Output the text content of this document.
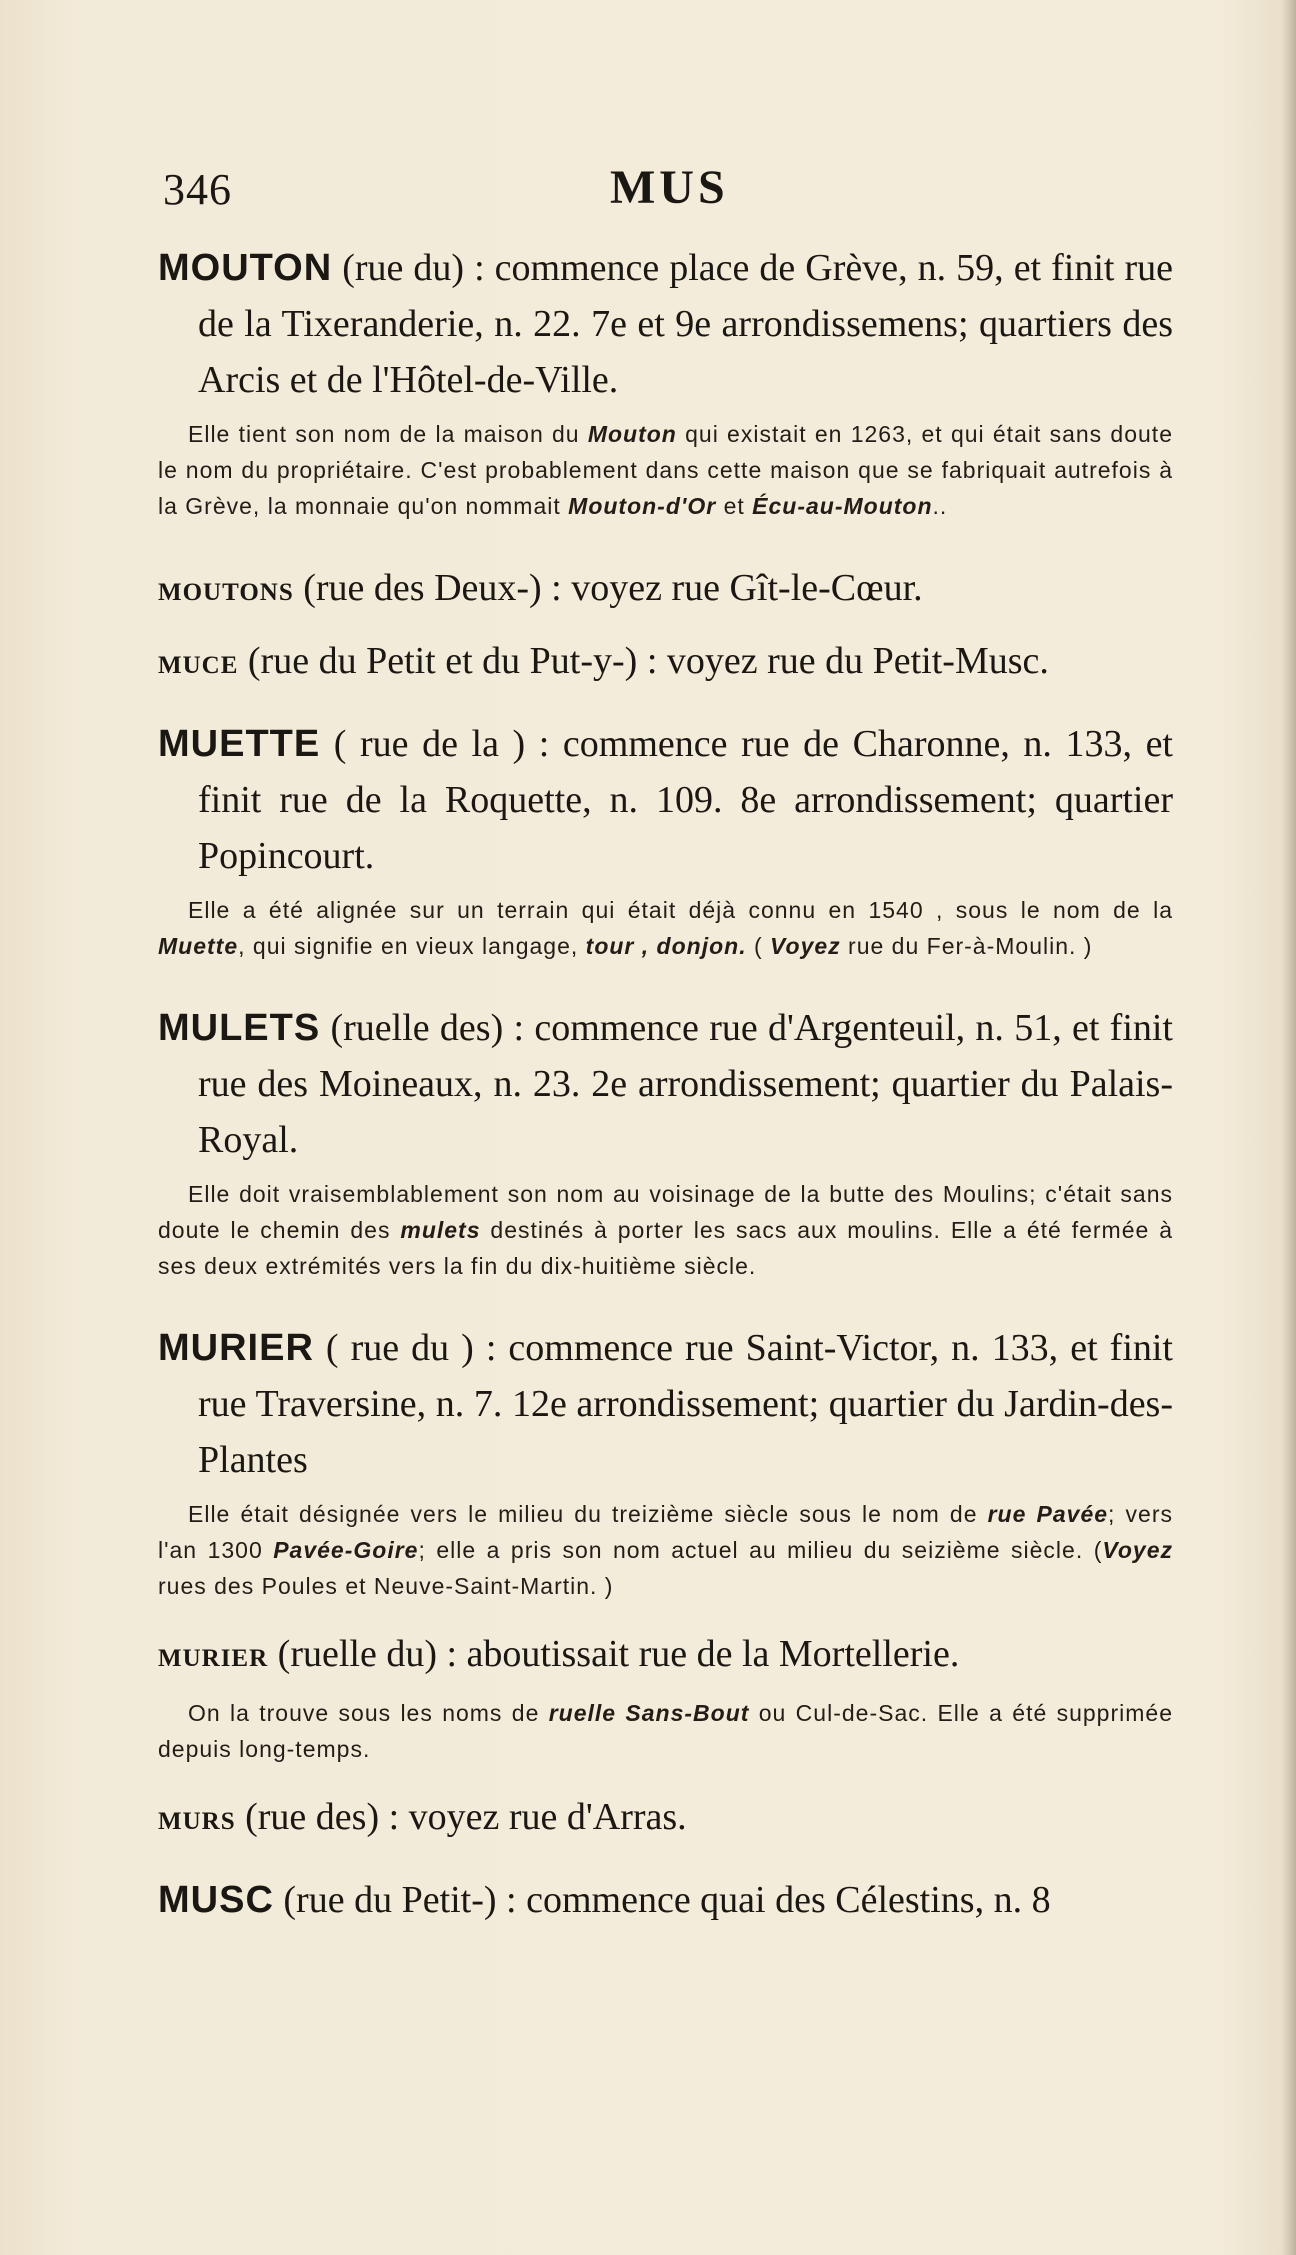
346	MUS

MOUTON (rue du) : commence place de Grève, n. 59, et finit rue de la Tixeranderie, n. 22. 7e et 9e arrondissemens; quartiers des Arcis et de l'Hôtel-de-Ville.

Elle tient son nom de la maison du Mouton qui existait en 1263, et qui était sans doute le nom du propriétaire. C'est probablement dans cette maison que se fabriquait autrefois à la Grève, la monnaie qu'on nommait Mouton-d'Or et Écu-au-Mouton..

MOUTONS (rue des Deux-) : voyez rue Gît-le-Cœur.

MUCE (rue du Petit et du Put-y-) : voyez rue du Petit-Musc.

MUETTE ( rue de la ) : commence rue de Charonne, n. 133, et finit rue de la Roquette, n. 109. 8e arrondissement; quartier Popincourt.

Elle a été alignée sur un terrain qui était déjà connu en 1540 , sous le nom de la Muette, qui signifie en vieux langage, tour , donjon. ( Voyez rue du Fer-à-Moulin. )

MULETS (ruelle des) : commence rue d'Argenteuil, n. 51, et finit rue des Moineaux, n. 23. 2e arrondissement; quartier du Palais-Royal.

Elle doit vraisemblablement son nom au voisinage de la butte des Moulins; c'était sans doute le chemin des mulets destinés à porter les sacs aux moulins. Elle a été fermée à ses deux extrémités vers la fin du dix-huitième siècle.

MURIER ( rue du ) : commence rue Saint-Victor, n. 133, et finit rue Traversine, n. 7. 12e arrondissement; quartier du Jardin-des-Plantes

Elle était désignée vers le milieu du treizième siècle sous le nom de rue Pavée; vers l'an 1300 Pavée-Goire; elle a pris son nom actuel au milieu du seizième siècle. (Voyez rues des Poules et Neuve-Saint-Martin. )

MURIER (ruelle du) : aboutissait rue de la Mortellerie.

On la trouve sous les noms de ruelle Sans-Bout ou Cul-de-Sac. Elle a été supprimée depuis long-temps.

MURS (rue des) : voyez rue d'Arras.

MUSC (rue du Petit-) : commence quai des Célestins, n. 8
